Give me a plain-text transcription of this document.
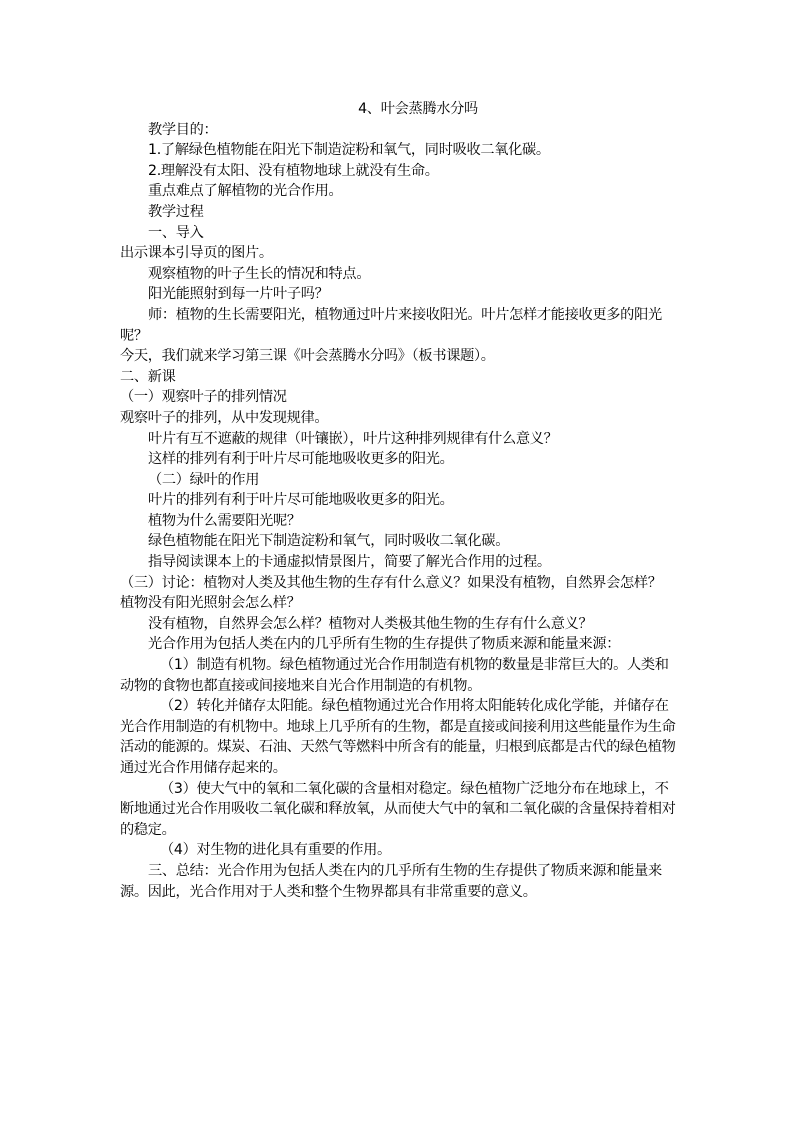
4、叶会蒸腾水分吗

教学目的：

1.了解绿色植物能在阳光下制造淀粉和氧气，同时吸收二氧化碳。

2.理解没有太阳、没有植物地球上就没有生命。

重点难点了解植物的光合作用。

教学过程

一、导入

出示课本引导页的图片。

观察植物的叶子生长的情况和特点。

阳光能照射到每一片叶子吗？

师：植物的生长需要阳光，植物通过叶片来接收阳光。叶片怎样才能接收更多的阳光呢？

今天，我们就来学习第三课《叶会蒸腾水分吗》（板书课题）。

二、新课

（一）观察叶子的排列情况

观察叶子的排列，从中发现规律。

叶片有互不遮蔽的规律（叶镶嵌），叶片这种排列规律有什么意义？

这样的排列有利于叶片尽可能地吸收更多的阳光。

（二）绿叶的作用

叶片的排列有利于叶片尽可能地吸收更多的阳光。

植物为什么需要阳光呢？

绿色植物能在阳光下制造淀粉和氧气，同时吸收二氧化碳。

指导阅读课本上的卡通虚拟情景图片，简要了解光合作用的过程。

（三）讨论：植物对人类及其他生物的生存有什么意义？如果没有植物，自然界会怎样？

植物没有阳光照射会怎么样？

没有植物，自然界会怎么样？植物对人类极其他生物的生存有什么意义？

光合作用为包括人类在内的几乎所有生物的生存提供了物质来源和能量来源：

（1）制造有机物。绿色植物通过光合作用制造有机物的数量是非常巨大的。人类和动物的食物也都直接或间接地来自光合作用制造的有机物。

（2）转化并储存太阳能。绿色植物通过光合作用将太阳能转化成化学能，并储存在光合作用制造的有机物中。地球上几乎所有的生物，都是直接或间接利用这些能量作为生命活动的能源的。煤炭、石油、天然气等燃料中所含有的能量，归根到底都是古代的绿色植物通过光合作用储存起来的。

（3）使大气中的氧和二氧化碳的含量相对稳定。绿色植物广泛地分布在地球上，不断地通过光合作用吸收二氧化碳和释放氧，从而使大气中的氧和二氧化碳的含量保持着相对的稳定。

（4）对生物的进化具有重要的作用。

三、总结：光合作用为包括人类在内的几乎所有生物的生存提供了物质来源和能量来源。因此，光合作用对于人类和整个生物界都具有非常重要的意义。
